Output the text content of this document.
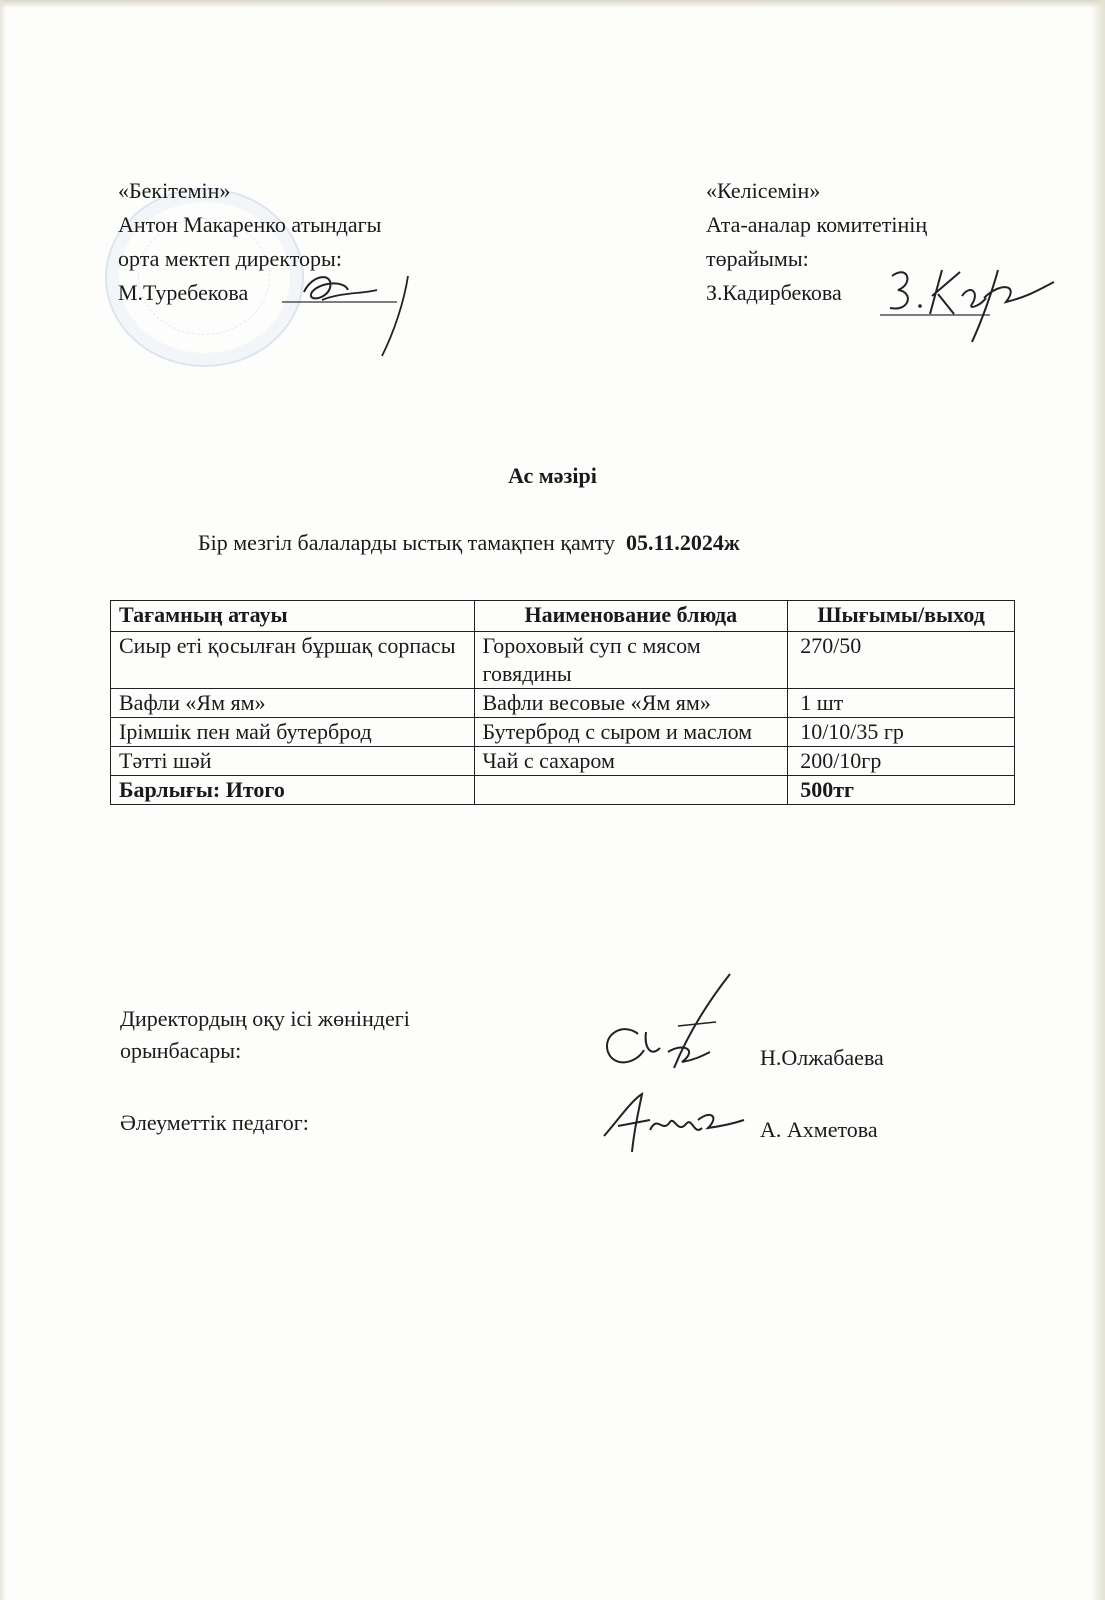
«Бекітемін»
Антон Макаренко атындагы
орта мектеп директоры:
М.Туребекова
«Келісемін»
Ата-аналар комитетінің
төрайымы:
З.Кадирбекова
Ас мәзірі
Бір мезгіл балаларды ыстық тамақпен қамту 05.11.2024ж
Тағамның атауы	Наименование блюда	Шығымы/выход
Сиыр еті қосылған бұршақ сорпасы	Гороховый суп с мясом говядины	270/50
Вафли «Ям ям»	Вафли весовые «Ям ям»	1 шт
Ірімшік пен май бутерброд	Бутерброд с сыром и маслом	10/10/35 гр
Тәтті шәй	Чай с сахаром	200/10гр
Барлығы: Итого		500тг
Директордың оқу ісі жөніндегі
орынбасары:	Н.Олжабаева
Әлеуметтік педагог:	А. Ахметова
